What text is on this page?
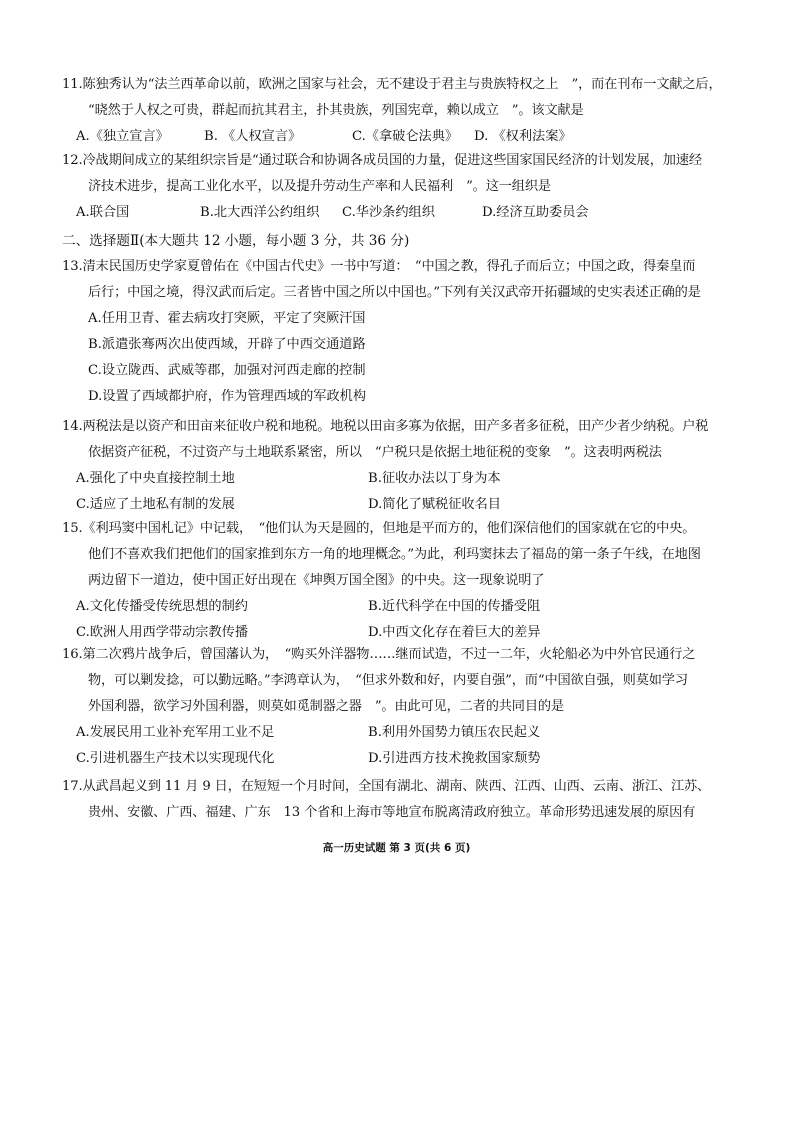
11.陈独秀认为“法兰西革命以前，欧洲之国家与社会，无不建设于君主与贵族特权之上　”，而在刊布一文献之后，
“晓然于人权之可贵，群起而抗其君主，扑其贵族，列国宪章，赖以成立　”。该文献是
A.《独立宣言》	B. 《人权宣言》	C.《拿破仑法典》 D. 《权利法案》
12.冷战期间成立的某组织宗旨是“通过联合和协调各成员国的力量，促进这些国家国民经济的计划发展，加速经
济技术进步，提高工业化水平，以及提升劳动生产率和人民福利　”。这一组织是
A.联合国	B.北大西洋公约组织 C.华沙条约组织	D.经济互助委员会
二、选择题Ⅱ(本大题共 12 小题，每小题 3 分，共 36 分)
13.清末民国历史学家夏曾佑在《中国古代史》一书中写道：　“中国之教，得孔子而后立；中国之政，得秦皇而
后行；中国之境，得汉武而后定。三者皆中国之所以中国也。”下列有关汉武帝开拓疆域的史实表述正确的是
A.任用卫青、霍去病攻打突厥，平定了突厥汗国
B.派遣张骞两次出使西域，开辟了中西交通道路
C.设立陇西、武威等郡，加强对河西走廊的控制
D.设置了西域都护府，作为管理西域的军政机构
14.两税法是以资产和田亩来征收户税和地税。地税以田亩多寡为依据，田产多者多征税，田产少者少纳税。户税
依据资产征税，不过资产与土地联系紧密，所以　“户税只是依据土地征税的变象　”。这表明两税法
A.强化了中央直接控制土地	B.征收办法以丁身为本
C.适应了土地私有制的发展	D.简化了赋税征收名目
15.《利玛窦中国札记》中记载，　“他们认为天是圆的，但地是平而方的，他们深信他们的国家就在它的中央。
他们不喜欢我们把他们的国家推到东方一角的地理概念。”为此，利玛窦抹去了福岛的第一条子午线，在地图
两边留下一道边，使中国正好出现在《坤舆万国全图》的中央。这一现象说明了
A.文化传播受传统思想的制约	B.近代科学在中国的传播受阻
C.欧洲人用西学带动宗教传播	D.中西文化存在着巨大的差异
16.第二次鸦片战争后，曾国藩认为，　“购买外洋器物……继而试造，不过一二年，火轮船必为中外官民通行之
物，可以剿发捻，可以勤远略。”李鸿章认为，　“但求外数和好，内要自强”，而“中国欲自强，则莫如学习
外国利器，欲学习外国利器，则莫如觅制器之器　”。由此可见，二者的共同目的是
A.发展民用工业补充军用工业不足	B.利用外国势力镇压农民起义
C.引进机器生产技术以实现现代化	D.引进西方技术挽救国家颓势
17.从武昌起义到 11 月 9 日，在短短一个月时间，全国有湖北、湖南、陕西、江西、山西、云南、浙江、江苏、
贵州、安徽、广西、福建、广东　13 个省和上海市等地宣布脱离清政府独立。革命形势迅速发展的原因有
高一历史试题 第 3 页(共 6 页)
